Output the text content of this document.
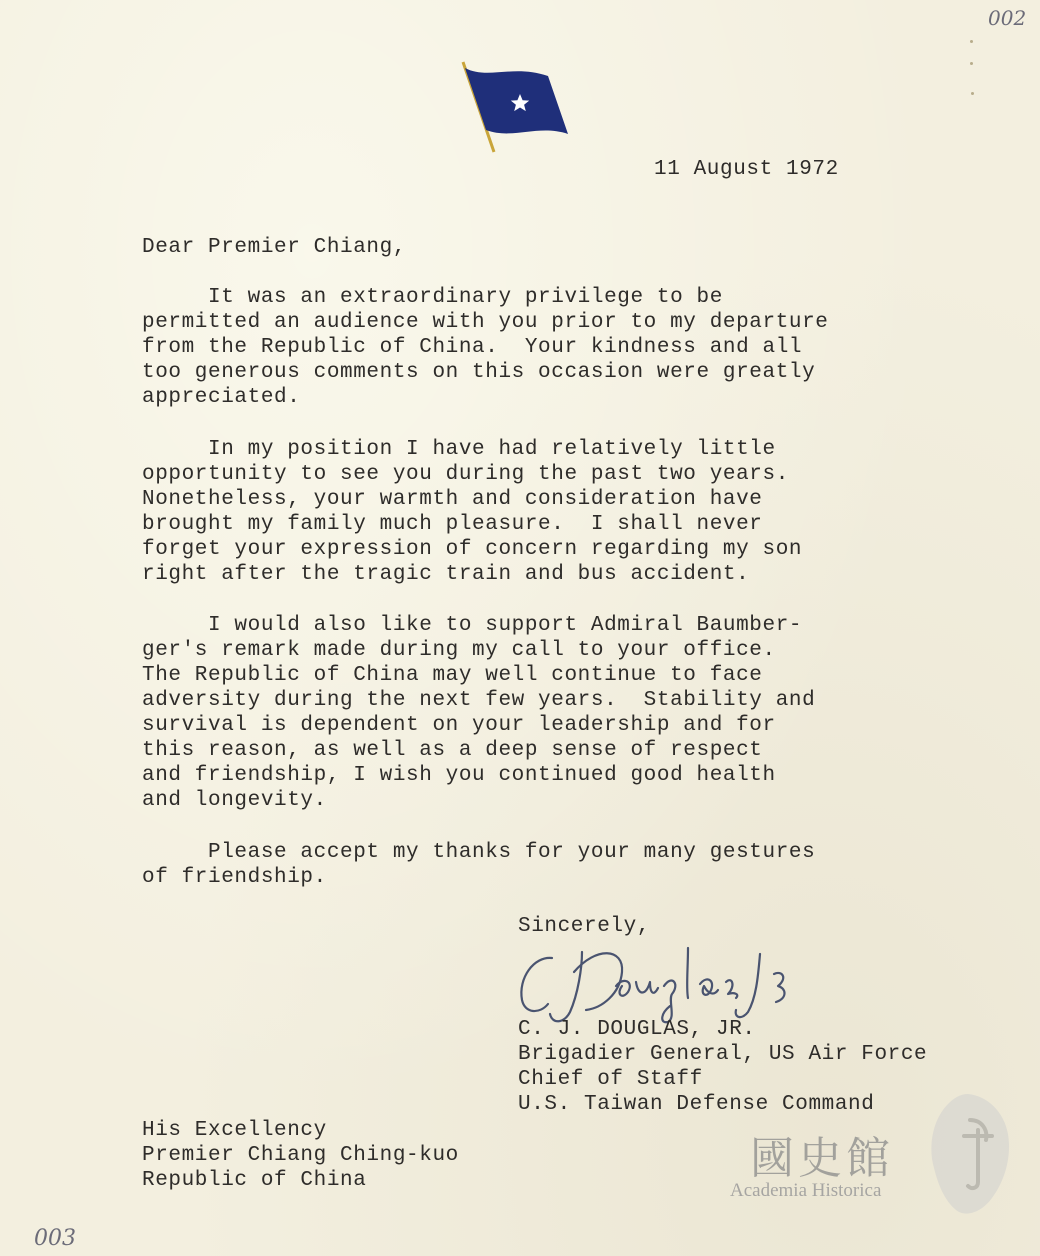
002
003
11 August 1972
Dear Premier Chiang,
It was an extraordinary privilege to be
permitted an audience with you prior to my departure
from the Republic of China.  Your kindness and all
too generous comments on this occasion were greatly
appreciated.
In my position I have had relatively little
opportunity to see you during the past two years.
Nonetheless, your warmth and consideration have
brought my family much pleasure.  I shall never
forget your expression of concern regarding my son
right after the tragic train and bus accident.
I would also like to support Admiral Baumber-
ger's remark made during my call to your office.
The Republic of China may well continue to face
adversity during the next few years.  Stability and
survival is dependent on your leadership and for
this reason, as well as a deep sense of respect
and friendship, I wish you continued good health
and longevity.
Please accept my thanks for your many gestures
of friendship.
Sincerely,
C. J. DOUGLAS, JR.
Brigadier General, US Air Force
Chief of Staff
U.S. Taiwan Defense Command
His Excellency
Premier Chiang Ching-kuo
Republic of China	國史館
Academia Historica
